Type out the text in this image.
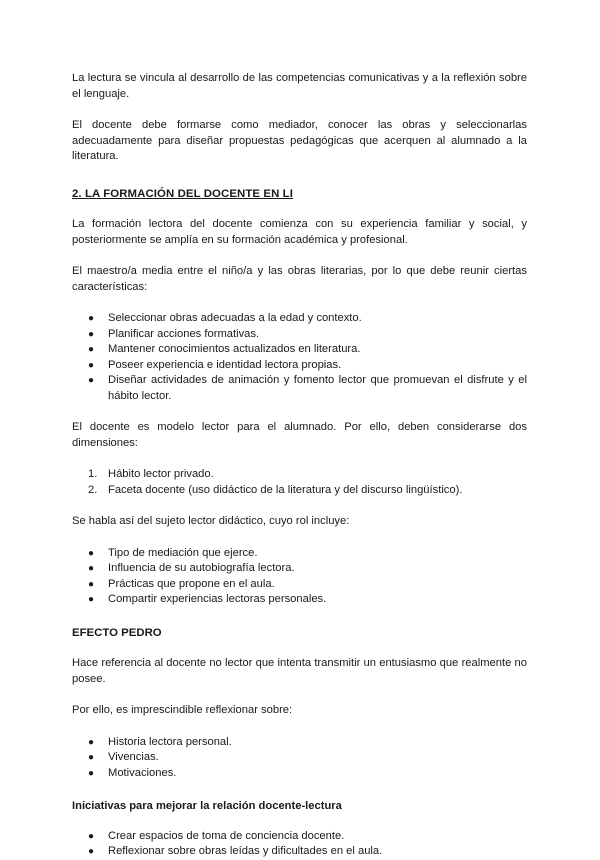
La lectura se vincula al desarrollo de las competencias comunicativas y a la reflexión sobre el lenguaje.

El docente debe formarse como mediador, conocer las obras y seleccionarlas adecuadamente para diseñar propuestas pedagógicas que acerquen al alumnado a la literatura.

2. LA FORMACIÓN DEL DOCENTE EN LI

La formación lectora del docente comienza con su experiencia familiar y social, y posteriormente se amplía en su formación académica y profesional.

El maestro/a media entre el niño/a y las obras literarias, por lo que debe reunir ciertas características:

● Seleccionar obras adecuadas a la edad y contexto.
● Planificar acciones formativas.
● Mantener conocimientos actualizados en literatura.
● Poseer experiencia e identidad lectora propias.
● Diseñar actividades de animación y fomento lector que promuevan el disfrute y el hábito lector.

El docente es modelo lector para el alumnado. Por ello, deben considerarse dos dimensiones:

1. Hábito lector privado.
2. Faceta docente (uso didáctico de la literatura y del discurso lingüístico).

Se habla así del sujeto lector didáctico, cuyo rol incluye:

● Tipo de mediación que ejerce.
● Influencia de su autobiografía lectora.
● Prácticas que propone en el aula.
● Compartir experiencias lectoras personales.
EFECTO PEDRO

Hace referencia al docente no lector que intenta transmitir un entusiasmo que realmente no posee.

Por ello, es imprescindible reflexionar sobre:

● Historia lectora personal.
● Vivencias.
● Motivaciones.
Iniciativas para mejorar la relación docente-lectura
● Crear espacios de toma de conciencia docente.
● Reflexionar sobre obras leídas y dificultades en el aula.
